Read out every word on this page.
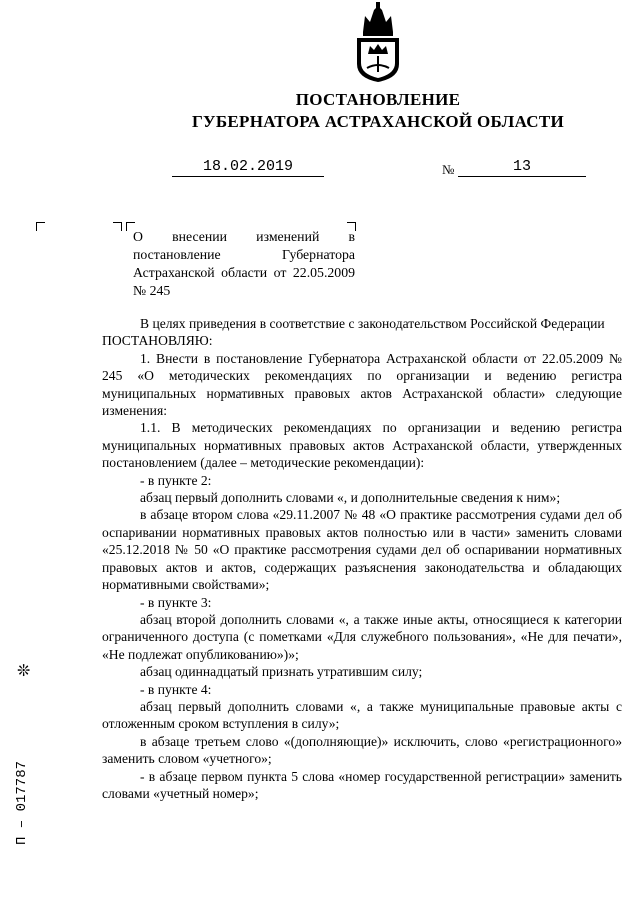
ПОСТАНОВЛЕНИЕ
ГУБЕРНАТОРА АСТРАХАНСКОЙ ОБЛАСТИ
18.02.2019	№	13
О внесении изменений в постановление Губернатора Астраханской области от 22.05.2009 № 245

В целях приведения в соответствие с законодательством Российской Федерации

ПОСТАНОВЛЯЮ:

1. Внести в постановление Губернатора Астраханской области от 22.05.2009 № 245 «О методических рекомендациях по организации и ведению регистра муниципальных нормативных правовых актов Астраханской области» следующие изменения:

1.1. В методических рекомендациях по организации и ведению регистра муниципальных нормативных правовых актов Астраханской области, утвержденных постановлением (далее – методические рекомендации):

- в пункте 2:

абзац первый дополнить словами «, и дополнительные сведения к ним»;

в абзаце втором слова «29.11.2007 № 48 «О практике рассмотрения судами дел об оспаривании нормативных правовых актов полностью или в части» заменить словами «25.12.2018 № 50 «О практике рассмотрения судами дел об оспаривании нормативных правовых актов и актов, содержащих разъяснения законодательства и обладающих нормативными свойствами»;

- в пункте 3:

абзац второй дополнить словами «, а также иные акты, относящиеся к категории ограниченного доступа (с пометками «Для служебного пользования», «Не для печати», «Не подлежат опубликованию»)»;

абзац одиннадцатый признать утратившим силу;

- в пункте 4:

абзац первый дополнить словами «, а также муниципальные правовые акты с отложенным сроком вступления в силу»;

в абзаце третьем слово «(дополняющие)» исключить, слово «регистрационного» заменить словом «учетного»;

- в абзаце первом пункта 5 слова «номер государственной регистрации» заменить словами «учетный номер»;

❊
П – 017787
